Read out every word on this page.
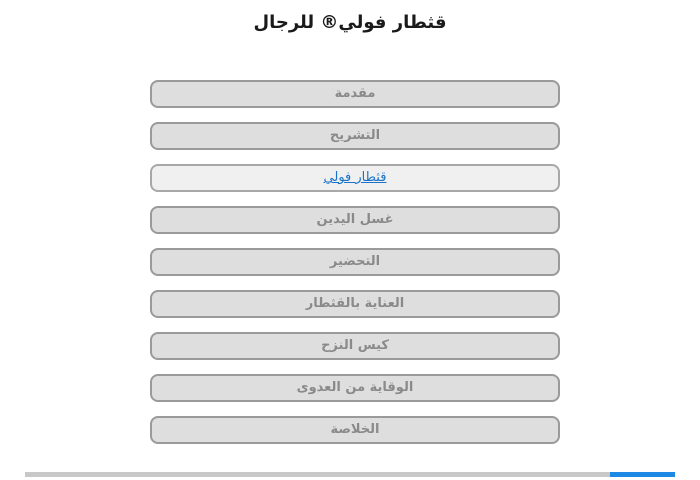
قثطار فولي® للرجال
مقدمة
التشريح
قثطار فولي
غسل اليدين
التحضير
العناية بالقثطار
كيس النزح
الوقاية من العدوى
الخلاصة
